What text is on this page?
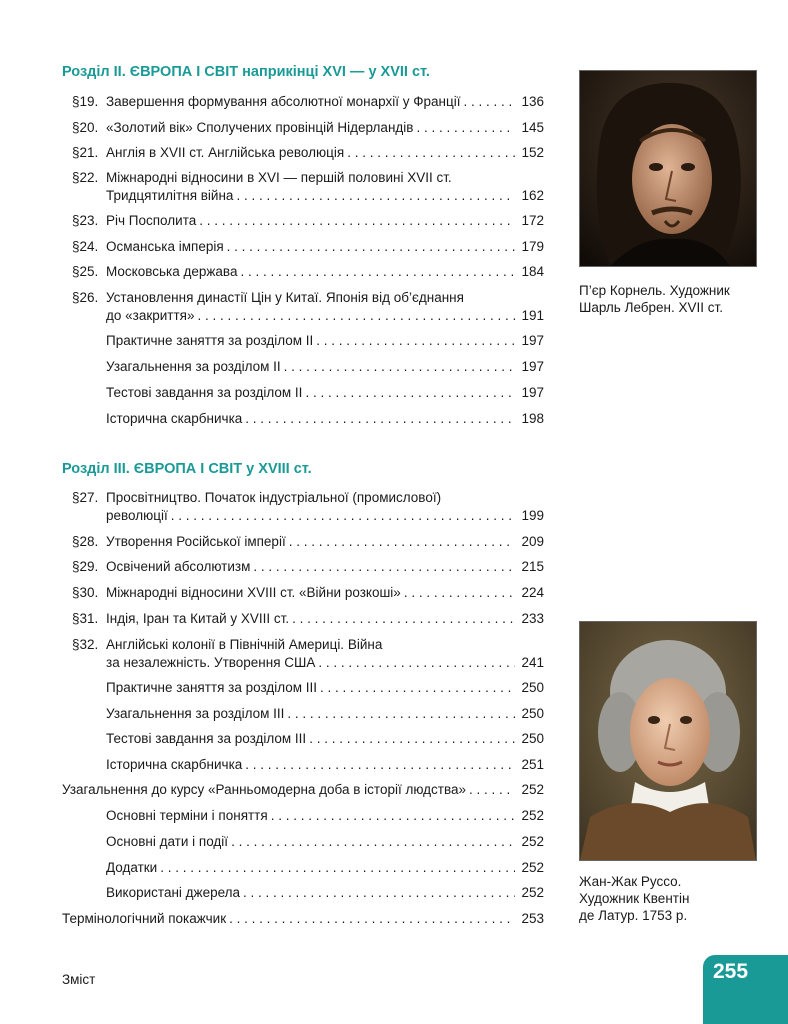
Розділ II. ЄВРОПА І СВІТ наприкінці XVI — у XVII ст.
§19. Завершення формування абсолютної монархії у Франції . . .	136
§20. «Золотий вік» Сполучених провінцій Нідерландів . . .	145
§21. Англія в XVII ст. Англійська революція . . .	152
§22. Міжнародні відносини в XVI — першій половині XVII ст.
Тридцятилітня війна . . .	162
§23. Річ Посполита . . .	172
§24. Османська імперія . . .	179
§25. Московська держава . . .	184
§26. Установлення династії Цін у Китаї. Японія від об’єднання
до «закриття» . . .	191
Практичне заняття за розділом II . . .	197
Узагальнення за розділом II . . .	197
Тестові завдання за розділом II . . .	197
Історична скарбничка . . .	198
Розділ III. ЄВРОПА І СВІТ у XVIII ст.
§27. Просвітництво. Початок індустріальної (промислової)
революції . . .	199
§28. Утворення Російської імперії . . .	209
§29. Освічений абсолютизм . . .	215
§30. Міжнародні відносини XVIII ст. «Війни розкоші» . . .	224
§31. Індія, Іран та Китай у XVIII ст. . . .	233
§32. Англійські колонії в Північній Америці. Війна
за незалежність. Утворення США . . .	241
Практичне заняття за розділом III . . .	250
Узагальнення за розділом III . . .	250
Тестові завдання за розділом III . . .	250
Історична скарбничка . . .	251
Узагальнення до курсу «Ранньомодерна доба в історії людства» . . .	252
Основні терміни і поняття . . .	252
Основні дати і події . . .	252
Додатки . . .	252
Використані джерела . . .	252
Термінологічний покажчик . . .	253
П’єр Корнель. Художник
Шарль Лебрен. XVII ст.
Жан-Жак Руссо.
Художник Квентін
де Латур. 1753 р.
Зміст	255
